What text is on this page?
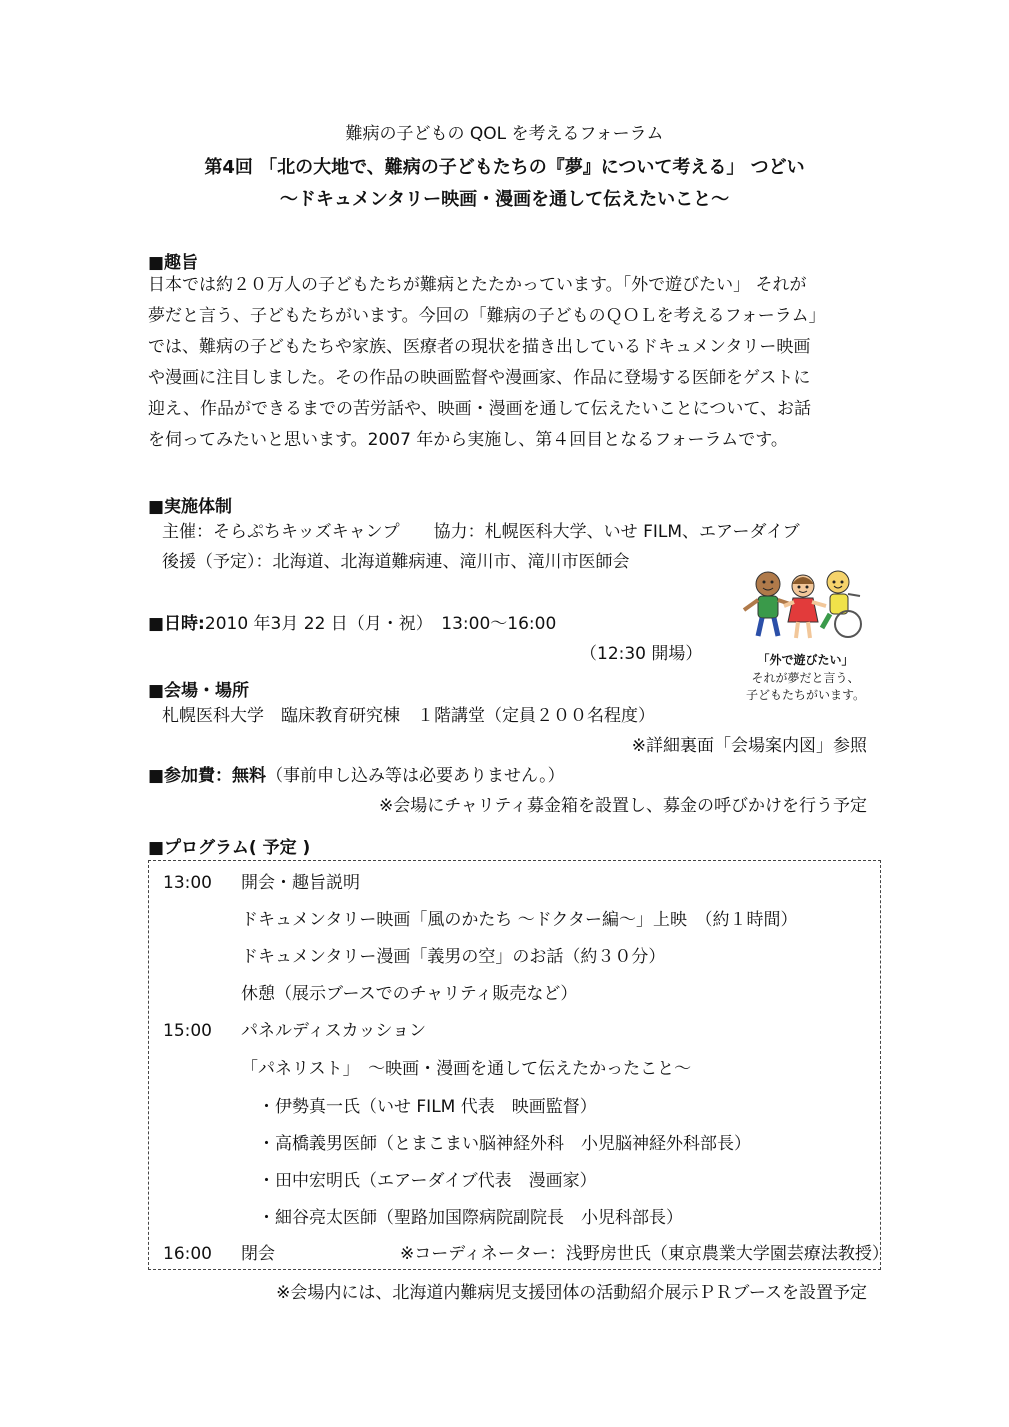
難病の子どもの QOL を考えるフォーラム
第4回 「北の大地で、難病の子どもたちの『夢』について考える」 つどい
〜ドキュメンタリー映画・漫画を通して伝えたいこと〜
■趣旨
日本では約２０万人の子どもたちが難病とたたかっています。「外で遊びたい」 それが
夢だと言う、子どもたちがいます。今回の「難病の子どものＱＯＬを考えるフォーラム」
では、難病の子どもたちや家族、医療者の現状を描き出しているドキュメンタリー映画
や漫画に注目しました。その作品の映画監督や漫画家、作品に登場する医師をゲストに
迎え、作品ができるまでの苦労話や、映画・漫画を通して伝えたいことについて、お話
を伺ってみたいと思います。2007 年から実施し、第４回目となるフォーラムです。
■実施体制
主催：そらぷちキッズキャンプ　　協力：札幌医科大学、いせ FILM、エアーダイブ
後援（予定）：北海道、北海道難病連、滝川市、滝川市医師会
■日時:2010 年3月 22 日（月・祝）　13:00〜16:00
（12:30 開場）	「外で遊びたい」
それが夢だと言う、
子どもたちがいます。
■会場・場所
札幌医科大学　臨床教育研究棟　１階講堂（定員２００名程度）
※詳細裏面「会場案内図」参照
■参加費：無料（事前申し込み等は必要ありません。）
※会場にチャリティ募金箱を設置し、募金の呼びかけを行う予定
■プログラム( 予定 )
13:00 開会・趣旨説明
ドキュメンタリー映画「風のかたち 〜ドクター編〜」上映　（約１時間）
ドキュメンタリー漫画「義男の空」のお話（約３０分）
休憩（展示ブースでのチャリティ販売など）
15:00 パネルディスカッション
「パネリスト」　〜映画・漫画を通して伝えたかったこと〜
・伊勢真一氏（いせ FILM 代表　映画監督）
・高橋義男医師（とまこまい脳神経外科　小児脳神経外科部長）
・田中宏明氏（エアーダイブ代表　漫画家）
・細谷亮太医師（聖路加国際病院副院長　小児科部長）
16:00 閉会	※コーディネーター：浅野房世氏（東京農業大学園芸療法教授）
※会場内には、北海道内難病児支援団体の活動紹介展示ＰＲブースを設置予定
